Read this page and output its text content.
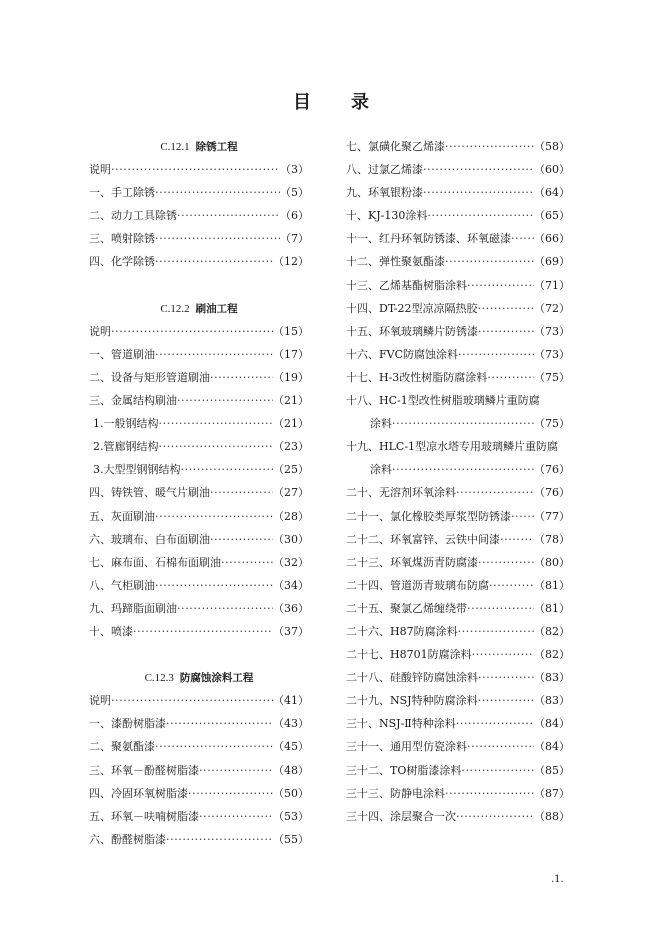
目 录
C.12.1 除锈工程
说明 ·····	（3）
一、手工除锈 ·····	（5）
二、动力工具除锈 ·····	（6）
三、喷射除锈 ·····	（7）
四、化学除锈 ·····	（12）
C.12.2 刷油工程
说明 ·····	（15）
一、管道刷油 ·····	（17）
二、设备与矩形管道刷油 ·····	（19）
三、金属结构刷油 ·····	（21）
1.一般钢结构 ·····	（21）
2.管廊钢结构 ·····	（23）
3.大型型钢钢结构 ·····	（25）
四、铸铁管、暖气片刷油 ·····	（27）
五、灰面刷油 ·····	（28）
六、玻璃布、白布面刷油 ·····	（30）
七、麻布面、石棉布面刷油 ·····	（32）
八、气柜刷油 ·····	（34）
九、玛蹄脂面刷油 ·····	（36）
十、喷漆 ·····	（37）
C.12.3 防腐蚀涂料工程
说明 ·····	（41）
一、漆酚树脂漆 ·····	（43）
二、聚氨酯漆 ·····	（45）
三、环氧－酚醛树脂漆 ·····	（48）
四、冷固环氧树脂漆 ·····	（50）
五、环氧－呋喃树脂漆 ·····	（53）
六、酚醛树脂漆 ·····	（55）
七、氯磺化聚乙烯漆 ·····	（58）
八、过氯乙烯漆 ·····	（60）
九、环氧银粉漆 ·····	（64）
十、KJ-130涂料 ·····	（65）
十一、红丹环氧防锈漆、环氧磁漆 ····· （66）
十二、弹性聚氨酯漆 ·····	（69）
十三、乙烯基酯树脂涂料 ·····	（71）
十四、DT-22型凉凉隔热胶 ·····	（72）
十五、环氧玻璃鳞片防锈漆 ·····	（73）
十六、FVC防腐蚀涂料 ·····	（73）
十七、H-3改性树脂防腐涂料 ·····	（75）
十八、HC-1型改性树脂玻璃鳞片重防腐
涂料 ·····	（75）
十九、HLC-1型凉水塔专用玻璃鳞片重防腐
涂料 ·····	（76）
二十、无溶剂环氧涂料 ·····	（76）
二十一、氯化橡胶类厚浆型防锈漆 ····· （77）
二十二、环氧富锌、云铁中间漆 ·····	（78）
二十三、环氧煤沥青防腐漆 ·····	（80）
二十四、管道沥青玻璃布防腐 ·····	（81）
二十五、聚氯乙烯缠绕带 ·····	（81）
二十六、H87防腐涂料 ·····	（82）
二十七、H8701防腐涂料 ·····	（82）
二十八、硅酸锌防腐蚀涂料 ·····	（83）
二十九、NSJ特种防腐涂料 ·····	（83）
三十、NSJ-Ⅱ特种涂料 ·····	（84）
三十一、通用型仿瓷涂料 ·····	（84）
三十二、TO树脂漆涂料 ·····	（85）
三十三、防静电涂料 ·····	（87）
三十四、涂层聚合一次 ·····	（88）
.1.
